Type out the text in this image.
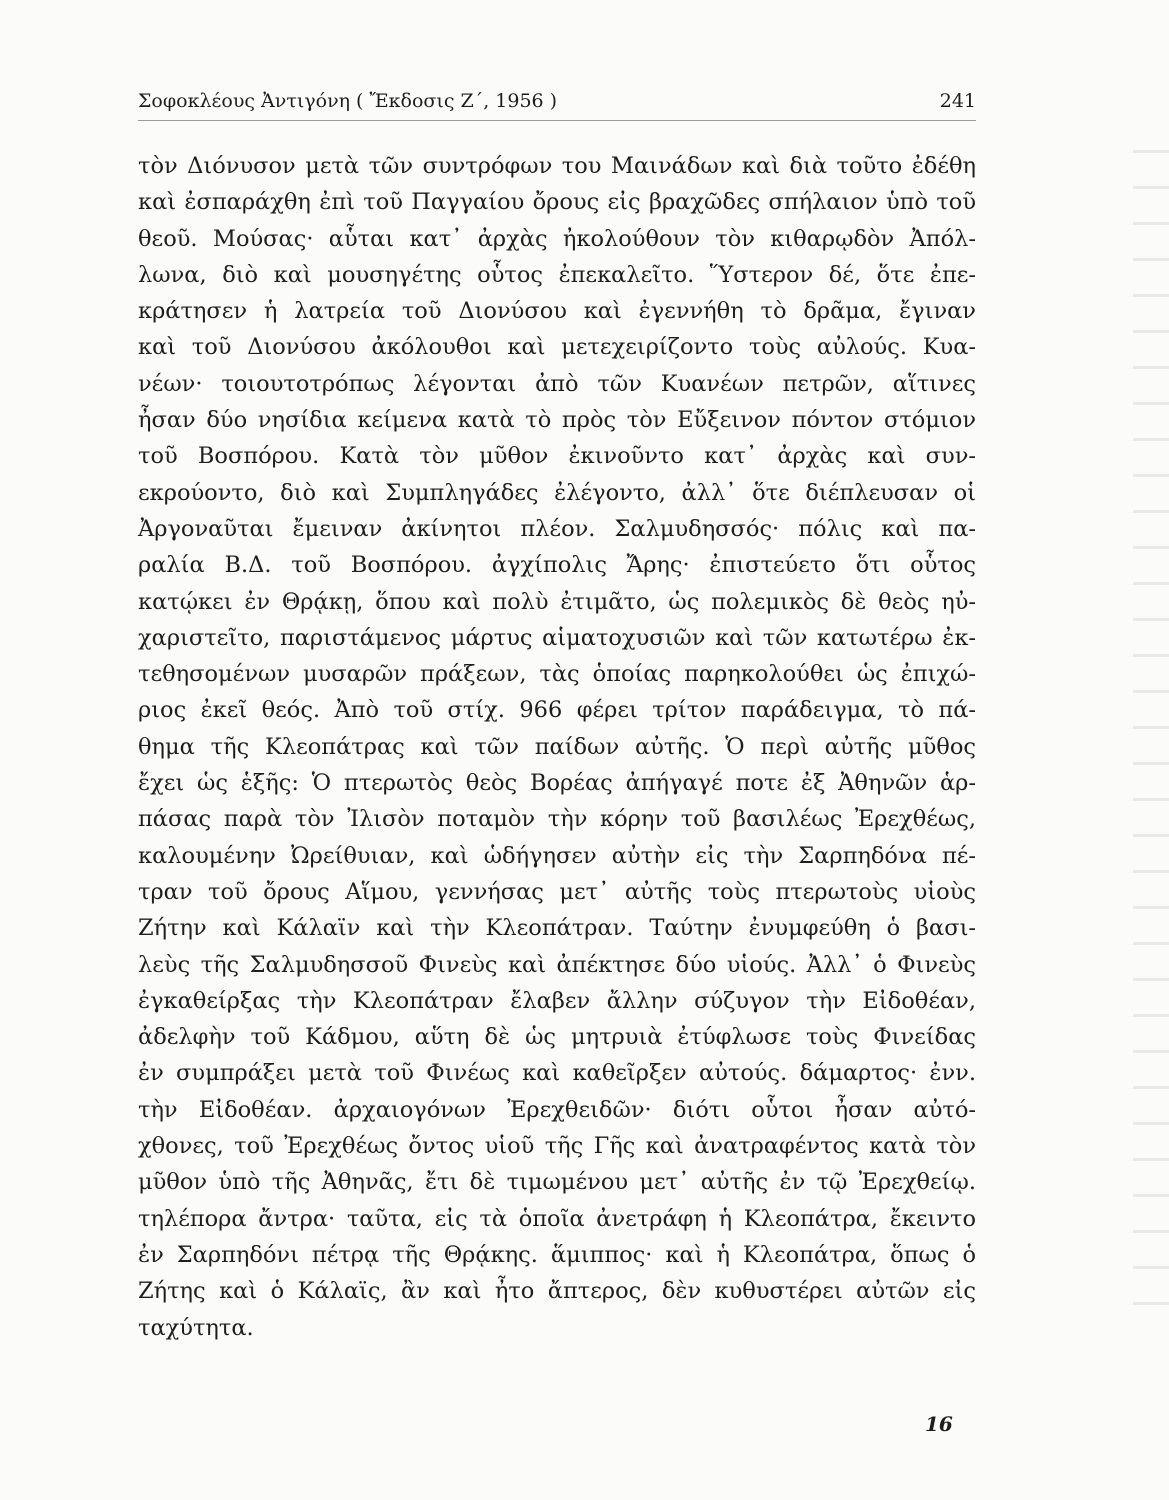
Σοφοκλέους Ἀντιγόνη ( Ἔκδοσις Ζ΄, 1956 )	241
τὸν Διόνυσον μετὰ τῶν συντρόφων του Μαινάδων καὶ διὰ τοῦτο ἐδέθη
καὶ ἐσπαράχθη ἐπὶ τοῦ Παγγαίου ὄρους εἰς βραχῶδες σπήλαιον ὑπὸ τοῦ
θεοῦ. Μούσας· αὗται κατ᾽ ἀρχὰς ἠκολούθουν τὸν κιθαρῳδὸν Ἀπόλ-
λωνα, διὸ καὶ μουσηγέτης οὗτος ἐπεκαλεῖτο. Ὕστερον δέ, ὅτε ἐπε-
κράτησεν ἡ λατρεία τοῦ Διονύσου καὶ ἐγεννήθη τὸ δρᾶμα, ἔγιναν
καὶ τοῦ Διονύσου ἀκόλουθοι καὶ μετεχειρίζοντο τοὺς αὐλούς. Κυα-
νέων· τοιουτοτρόπως λέγονται ἀπὸ τῶν Κυανέων πετρῶν, αἵτινες
ἦσαν δύο νησίδια κείμενα κατὰ τὸ πρὸς τὸν Εὔξεινον πόντον στόμιον
τοῦ Βοσπόρου. Κατὰ τὸν μῦθον ἐκινοῦντο κατ᾽ ἀρχὰς καὶ συν-
εκρούοντο, διὸ καὶ Συμπληγάδες ἐλέγοντο, ἀλλ᾽ ὅτε διέπλευσαν οἱ
Ἀργοναῦται ἔμειναν ἀκίνητοι πλέον. Σαλμυδησσός· πόλις καὶ πα-
ραλία Β.Δ. τοῦ Βοσπόρου. ἀγχίπολις Ἄρης· ἐπιστεύετο ὅτι οὗτος
κατῴκει ἐν Θρᾴκῃ, ὅπου καὶ πολὺ ἐτιμᾶτο, ὡς πολεμικὸς δὲ θεὸς ηὐ-
χαριστεῖτο, παριστάμενος μάρτυς αἱματοχυσιῶν καὶ τῶν κατωτέρω ἐκ-
τεθησομένων μυσαρῶν πράξεων, τὰς ὁποίας παρηκολούθει ὡς ἐπιχώ-
ριος ἐκεῖ θεός. Ἀπὸ τοῦ στίχ. 966 φέρει τρίτον παράδειγμα, τὸ πά-
θημα τῆς Κλεοπάτρας καὶ τῶν παίδων αὐτῆς. Ὁ περὶ αὐτῆς μῦθος
ἔχει ὡς ἑξῆς: Ὁ πτερωτὸς θεὸς Βορέας ἀπήγαγέ ποτε ἐξ Ἀθηνῶν ἁρ-
πάσας παρὰ τὸν Ἰλισὸν ποταμὸν τὴν κόρην τοῦ βασιλέως Ἐρεχθέως,
καλουμένην Ὠρείθυιαν, καὶ ὡδήγησεν αὐτὴν εἰς τὴν Σαρπηδόνα πέ-
τραν τοῦ ὄρους Αἵμου, γεννήσας μετ᾽ αὐτῆς τοὺς πτερωτοὺς υἱοὺς
Ζήτην καὶ Κάλαϊν καὶ τὴν Κλεοπάτραν. Ταύτην ἐνυμφεύθη ὁ βασι-
λεὺς τῆς Σαλμυδησσοῦ Φινεὺς καὶ ἀπέκτησε δύο υἱούς. Ἀλλ᾽ ὁ Φινεὺς
ἐγκαθείρξας τὴν Κλεοπάτραν ἔλαβεν ἄλλην σύζυγον τὴν Εἰδοθέαν,
ἀδελφὴν τοῦ Κάδμου, αὕτη δὲ ὡς μητρυιὰ ἐτύφλωσε τοὺς Φινείδας
ἐν συμπράξει μετὰ τοῦ Φινέως καὶ καθεῖρξεν αὐτούς. δάμαρτος· ἐνν.
τὴν Εἰδοθέαν. ἀρχαιογόνων Ἐρεχθειδῶν· διότι οὗτοι ἦσαν αὐτό-
χθονες, τοῦ Ἐρεχθέως ὄντος υἱοῦ τῆς Γῆς καὶ ἀνατραφέντος κατὰ τὸν
μῦθον ὑπὸ τῆς Ἀθηνᾶς, ἔτι δὲ τιμωμένου μετ᾽ αὐτῆς ἐν τῷ Ἐρεχθείῳ.
τηλέπορα ἄντρα· ταῦτα, εἰς τὰ ὁποῖα ἀνετράφη ἡ Κλεοπάτρα, ἔκειντο
ἐν Σαρπηδόνι πέτρᾳ τῆς Θρᾴκης. ἅμιππος· καὶ ἡ Κλεοπάτρα, ὅπως ὁ
Ζήτης καὶ ὁ Κάλαϊς, ἂν καὶ ἦτο ἄπτερος, δὲν κυθυστέρει αὐτῶν εἰς
ταχύτητα.
16
